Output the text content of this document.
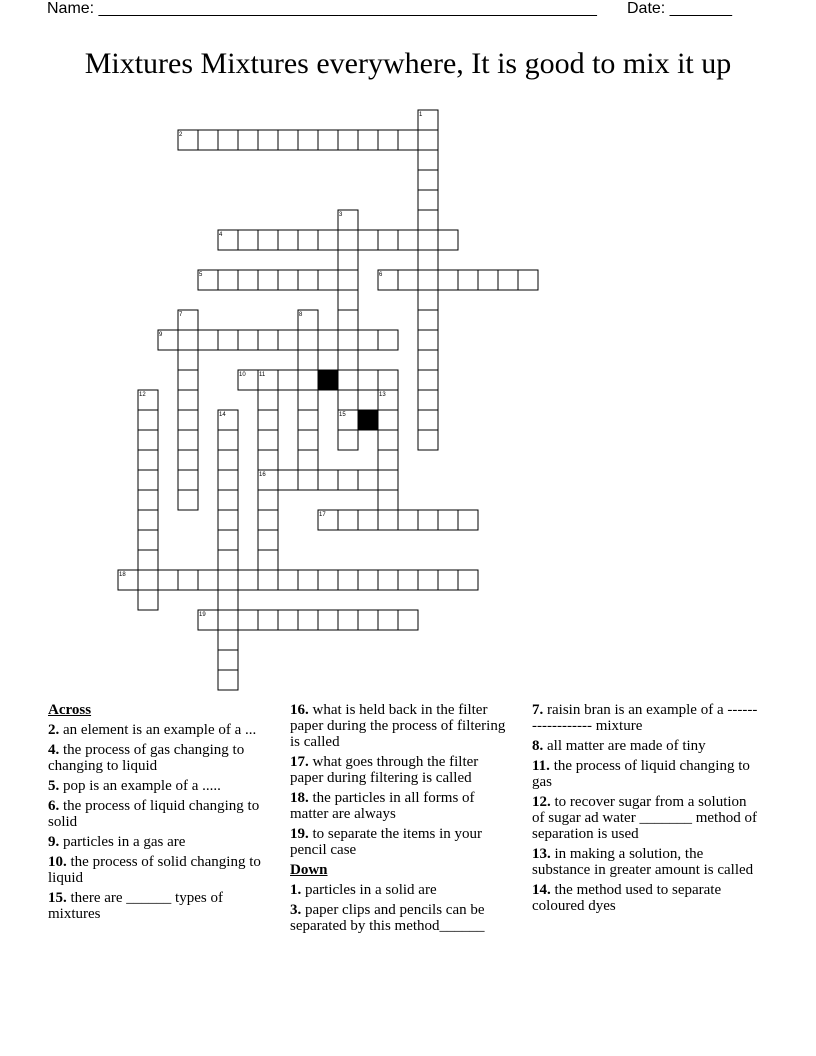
Name: ________________________________________________________ Date: _______
Mixtures Mixtures everywhere, It is good to mix it up
1
2
3
4
5	6
7	8
9
10 11
12	13
14	15
16
17
18
19
Across
2. an element is an example of a ...
4. the process of gas changing to changing to liquid
5. pop is an example of a .....
6. the process of liquid changing to solid
9. particles in a gas are
10. the process of solid changing to liquid
15. there are ______ types of mixtures
16. what is held back in the filter paper during the process of filtering is called
17. what goes through the filter paper during filtering is called
18. the particles in all forms of matter are always
19. to separate the items in your pencil case
Down
1. particles in a solid are
3. paper clips and pencils can be separated by this method______
7. raisin bran is an example of a ------------------ mixture
8. all matter are made of tiny
11. the process of liquid changing to gas
12. to recover sugar from a solution of sugar ad water _______ method of separation is used
13. in making a solution, the substance in greater amount is called
14. the method used to separate coloured dyes
